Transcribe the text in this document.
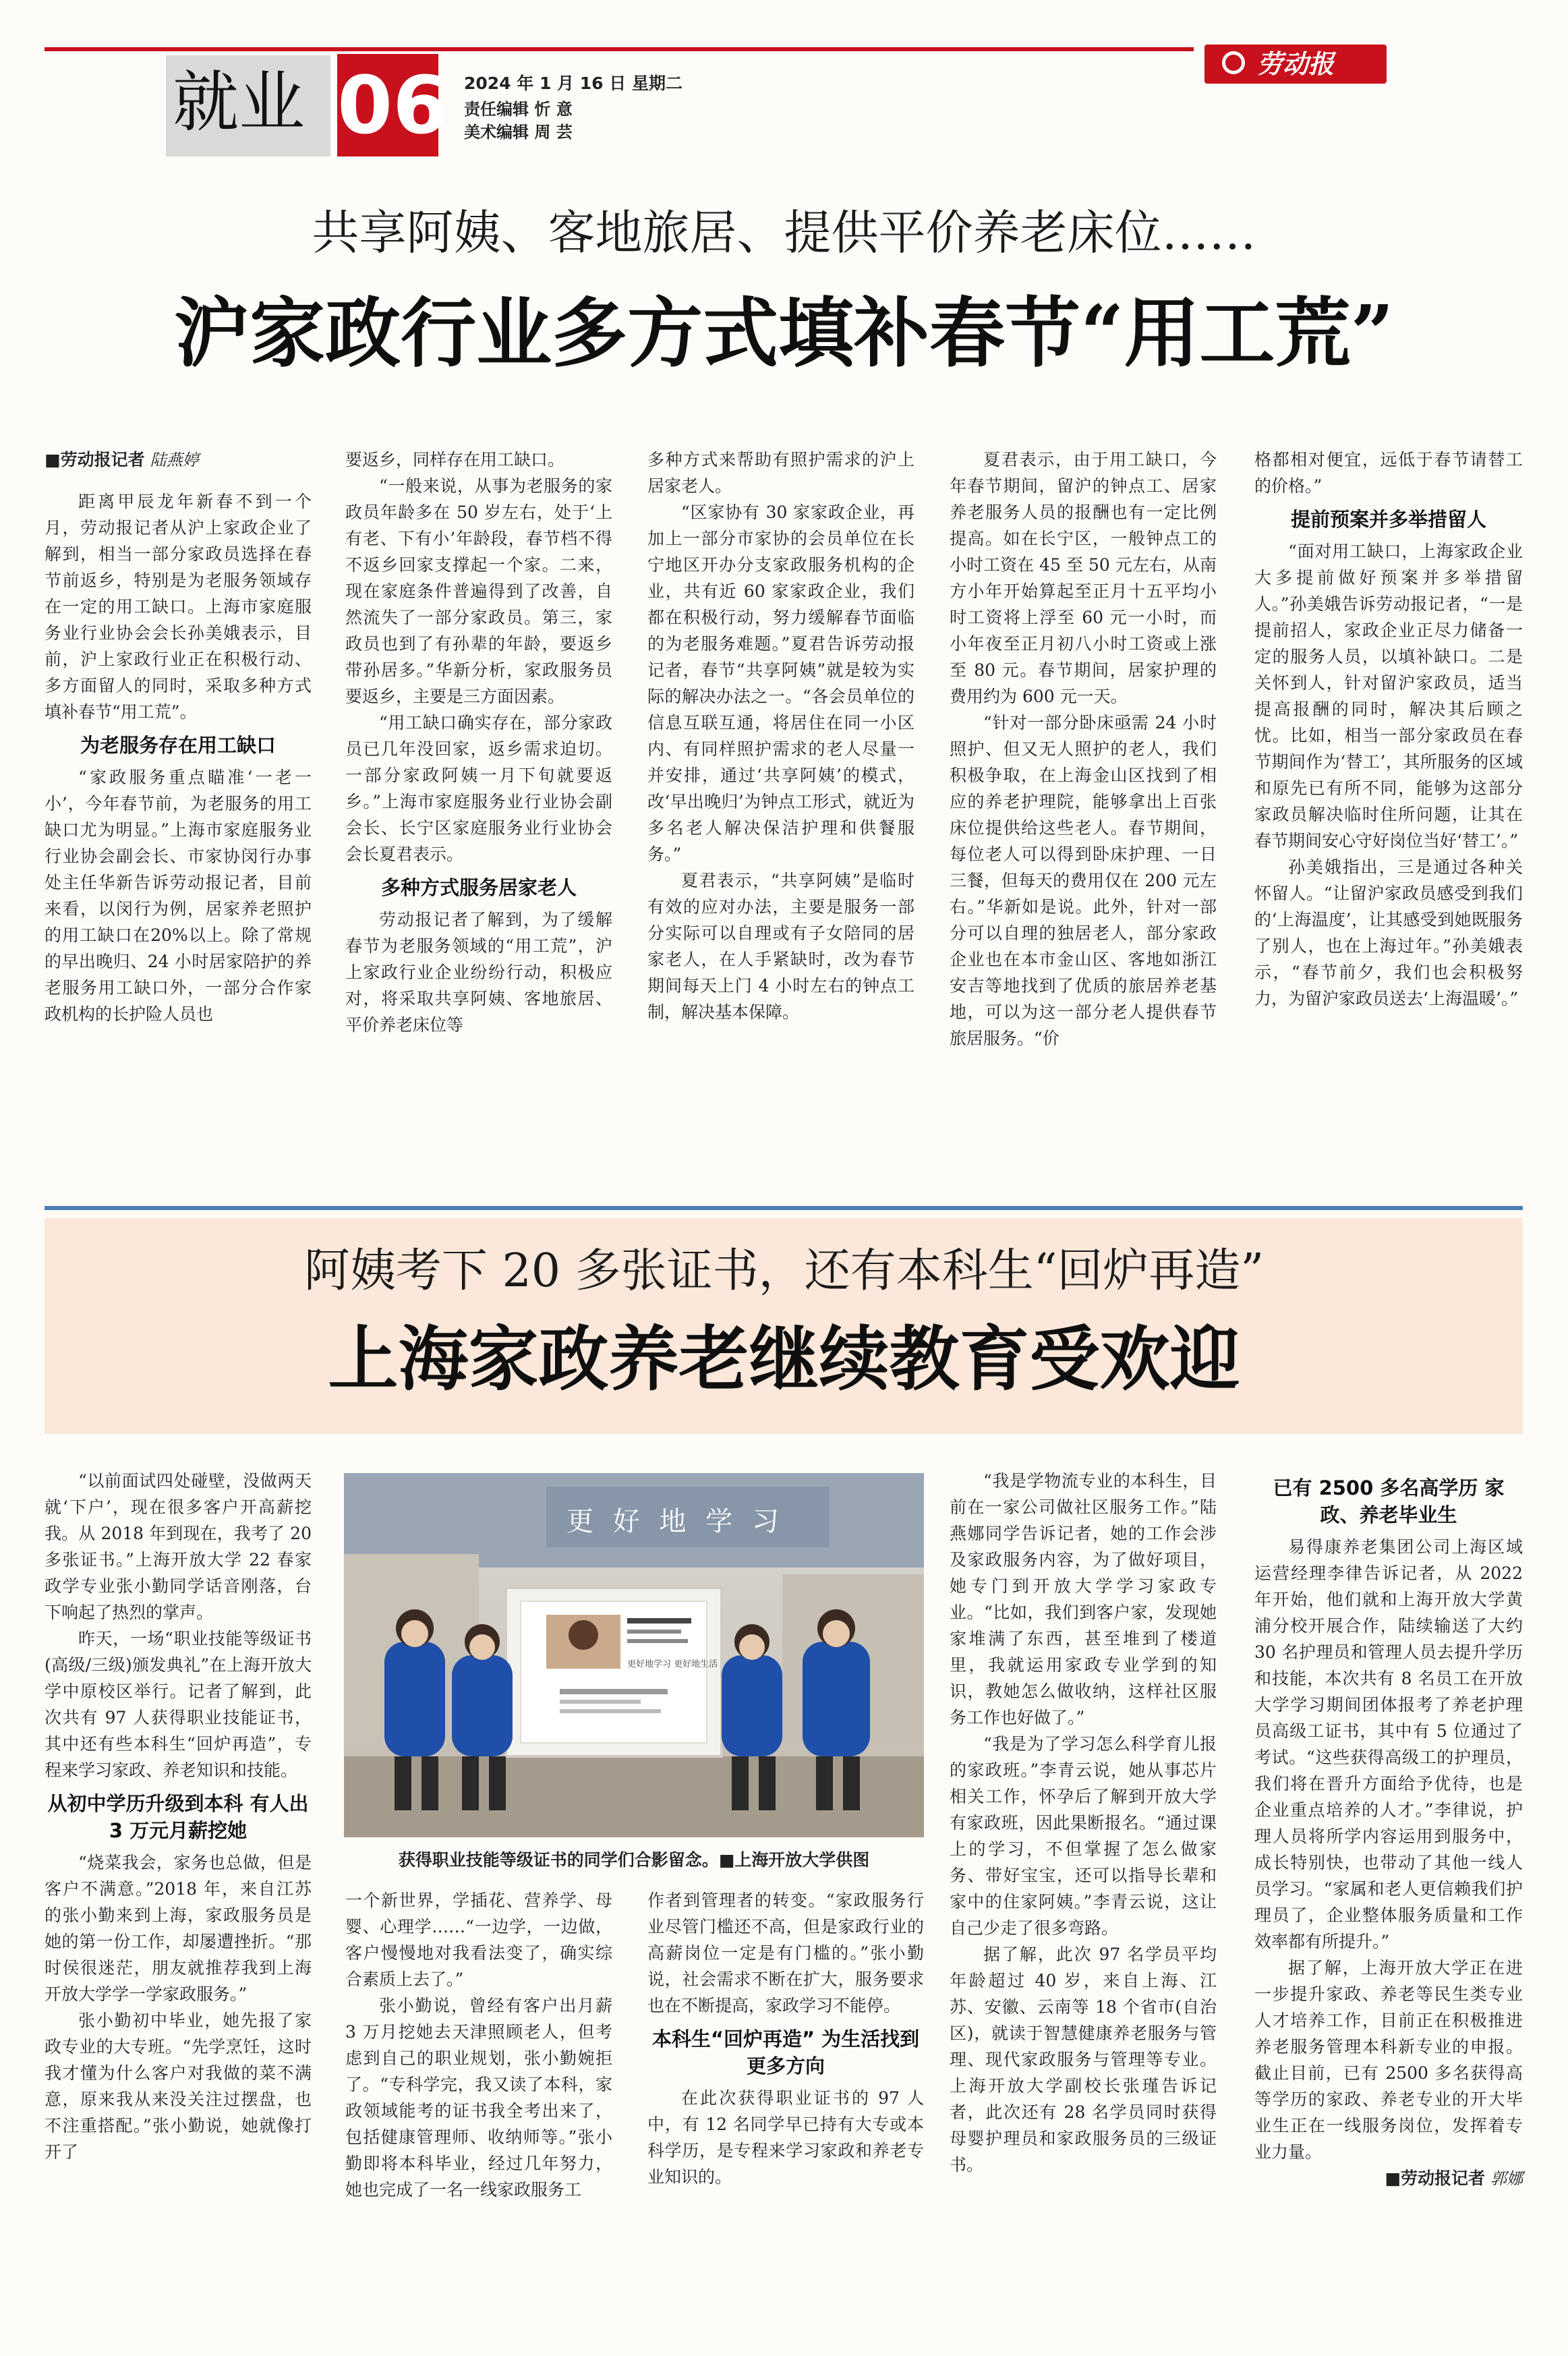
就业 06 2024 年 1 月 16 日 星期二
责任编辑 忻 意
美术编辑 周 芸
劳动报
共享阿姨、客地旅居、提供平价养老床位……
沪家政行业多方式填补春节“用工荒”
■劳动报记者 陆燕婷

距离甲辰龙年新春不到一个月，劳动报记者从沪上家政企业了解到，相当一部分家政员选择在春节前返乡，特别是为老服务领域存在一定的用工缺口。上海市家庭服务业行业协会会长孙美娥表示，目前，沪上家政行业正在积极行动、多方面留人的同时，采取多种方式填补春节“用工荒”。

为老服务存在用工缺口

“家政服务重点瞄准‘一老一小’，今年春节前，为老服务的用工缺口尤为明显。”上海市家庭服务业行业协会副会长、市家协闵行办事处主任华新告诉劳动报记者，目前来看，以闵行为例，居家养老照护的用工缺口在20%以上。除了常规的早出晚归、24 小时居家陪护的养老服务用工缺口外，一部分合作家政机构的长护险人员也

要返乡，同样存在用工缺口。

“一般来说，从事为老服务的家政员年龄多在 50 岁左右，处于‘上有老、下有小’年龄段，春节档不得不返乡回家支撑起一个家。二来，现在家庭条件普遍得到了改善，自然流失了一部分家政员。第三，家政员也到了有孙辈的年龄，要返乡带孙居多。”华新分析，家政服务员要返乡，主要是三方面因素。

“用工缺口确实存在，部分家政员已几年没回家，返乡需求迫切。一部分家政阿姨一月下旬就要返乡。”上海市家庭服务业行业协会副会长、长宁区家庭服务业行业协会会长夏君表示。

多种方式服务居家老人

劳动报记者了解到，为了缓解春节为老服务领域的“用工荒”，沪上家政行业企业纷纷行动，积极应对，将采取共享阿姨、客地旅居、平价养老床位等

多种方式来帮助有照护需求的沪上居家老人。

“区家协有 30 家家政企业，再加上一部分市家协的会员单位在长宁地区开办分支家政服务机构的企业，共有近 60 家家政企业，我们都在积极行动，努力缓解春节面临的为老服务难题。”夏君告诉劳动报记者，春节“共享阿姨”就是较为实际的解决办法之一。“各会员单位的信息互联互通，将居住在同一小区内、有同样照护需求的老人尽量一并安排，通过‘共享阿姨’的模式，改‘早出晚归’为钟点工形式，就近为多名老人解决保洁护理和供餐服务。”

夏君表示，“共享阿姨”是临时有效的应对办法，主要是服务一部分实际可以自理或有子女陪同的居家老人，在人手紧缺时，改为春节期间每天上门 4 小时左右的钟点工制，解决基本保障。

夏君表示，由于用工缺口，今年春节期间，留沪的钟点工、居家养老服务人员的报酬也有一定比例提高。如在长宁区，一般钟点工的小时工资在 45 至 50 元左右，从南方小年开始算起至正月十五平均小时工资将上浮至 60 元一小时，而小年夜至正月初八小时工资或上涨至 80 元。春节期间，居家护理的费用约为 600 元一天。

“针对一部分卧床亟需 24 小时照护、但又无人照护的老人，我们积极争取，在上海金山区找到了相应的养老护理院，能够拿出上百张床位提供给这些老人。春节期间，每位老人可以得到卧床护理、一日三餐，但每天的费用仅在 200 元左右。”华新如是说。此外，针对一部分可以自理的独居老人，部分家政企业也在本市金山区、客地如浙江安吉等地找到了优质的旅居养老基地，可以为这一部分老人提供春节旅居服务。“价

格都相对便宜，远低于春节请替工的价格。”

提前预案并多举措留人

“面对用工缺口，上海家政企业大多提前做好预案并多举措留人。”孙美娥告诉劳动报记者，“一是提前招人，家政企业正尽力储备一定的服务人员，以填补缺口。二是关怀到人，针对留沪家政员，适当提高报酬的同时，解决其后顾之忧。比如，相当一部分家政员在春节期间作为‘替工’，其所服务的区域和原先已有所不同，能够为这部分家政员解决临时住所问题，让其在春节期间安心守好岗位当好‘替工’。”

孙美娥指出，三是通过各种关怀留人。“让留沪家政员感受到我们的‘上海温度’，让其感受到她既服务了别人，也在上海过年。”孙美娥表示，“春节前夕，我们也会积极努力，为留沪家政员送去‘上海温暖’。”

阿姨考下 20 多张证书，还有本科生“回炉再造”
上海家政养老继续教育受欢迎
更 好 地 学 习
更好地学习 更好地生活
获得职业技能等级证书的同学们合影留念。■上海开放大学供图

“以前面试四处碰壁，没做两天就‘下户’，现在很多客户开高薪挖我。从 2018 年到现在，我考了 20 多张证书。”上海开放大学 22 春家政学专业张小勤同学话音刚落，台下响起了热烈的掌声。

昨天，一场“职业技能等级证书(高级/三级)颁发典礼”在上海开放大学中原校区举行。记者了解到，此次共有 97 人获得职业技能证书，其中还有些本科生“回炉再造”，专程来学习家政、养老知识和技能。

从初中学历升级到本科 有人出 3 万元月薪挖她

“烧菜我会，家务也总做，但是客户不满意。”2018 年，来自江苏的张小勤来到上海，家政服务员是她的第一份工作，却屡遭挫折。“那时侯很迷茫，朋友就推荐我到上海开放大学学一学家政服务。”

张小勤初中毕业，她先报了家政专业的大专班。“先学烹饪，这时我才懂为什么客户对我做的菜不满意，原来我从来没关注过摆盘，也不注重搭配。”张小勤说，她就像打开了

一个新世界，学插花、营养学、母婴、心理学……“一边学，一边做，客户慢慢地对我看法变了，确实综合素质上去了。”

张小勤说，曾经有客户出月薪 3 万月挖她去天津照顾老人，但考虑到自己的职业规划，张小勤婉拒了。“专科学完，我又读了本科，家政领域能考的证书我全考出来了，包括健康管理师、收纳师等。”张小勤即将本科毕业，经过几年努力，她也完成了一名一线家政服务工

作者到管理者的转变。“家政服务行业尽管门槛还不高，但是家政行业的高薪岗位一定是有门槛的。”张小勤说，社会需求不断在扩大，服务要求也在不断提高，家政学习不能停。

本科生“回炉再造” 为生活找到更多方向

在此次获得职业证书的 97 人中，有 12 名同学早已持有大专或本科学历，是专程来学习家政和养老专业知识的。

“我是学物流专业的本科生，目前在一家公司做社区服务工作。”陆燕娜同学告诉记者，她的工作会涉及家政服务内容，为了做好项目，她专门到开放大学学习家政专业。“比如，我们到客户家，发现她家堆满了东西，甚至堆到了楼道里，我就运用家政专业学到的知识，教她怎么做收纳，这样社区服务工作也好做了。”

“我是为了学习怎么科学育儿报的家政班。”李青云说，她从事芯片相关工作，怀孕后了解到开放大学有家政班，因此果断报名。“通过课上的学习，不但掌握了怎么做家务、带好宝宝，还可以指导长辈和家中的住家阿姨。”李青云说，这让自己少走了很多弯路。

据了解，此次 97 名学员平均年龄超过 40 岁，来自上海、江苏、安徽、云南等 18 个省市(自治区)，就读于智慧健康养老服务与管理、现代家政服务与管理等专业。上海开放大学副校长张瑾告诉记者，此次还有 28 名学员同时获得母婴护理员和家政服务员的三级证书。

已有 2500 多名高学历 家政、养老毕业生

易得康养老集团公司上海区域运营经理李律告诉记者，从 2022 年开始，他们就和上海开放大学黄浦分校开展合作，陆续输送了大约 30 名护理员和管理人员去提升学历和技能，本次共有 8 名员工在开放大学学习期间团体报考了养老护理员高级工证书，其中有 5 位通过了考试。“这些获得高级工的护理员，我们将在晋升方面给予优待，也是企业重点培养的人才。”李律说，护理人员将所学内容运用到服务中，成长特别快，也带动了其他一线人员学习。“家属和老人更信赖我们护理员了，企业整体服务质量和工作效率都有所提升。”

据了解，上海开放大学正在进一步提升家政、养老等民生类专业人才培养工作，目前正在积极推进养老服务管理本科新专业的申报。截止目前，已有 2500 多名获得高等学历的家政、养老专业的开大毕业生正在一线服务岗位，发挥着专业力量。

■劳动报记者 郭娜
